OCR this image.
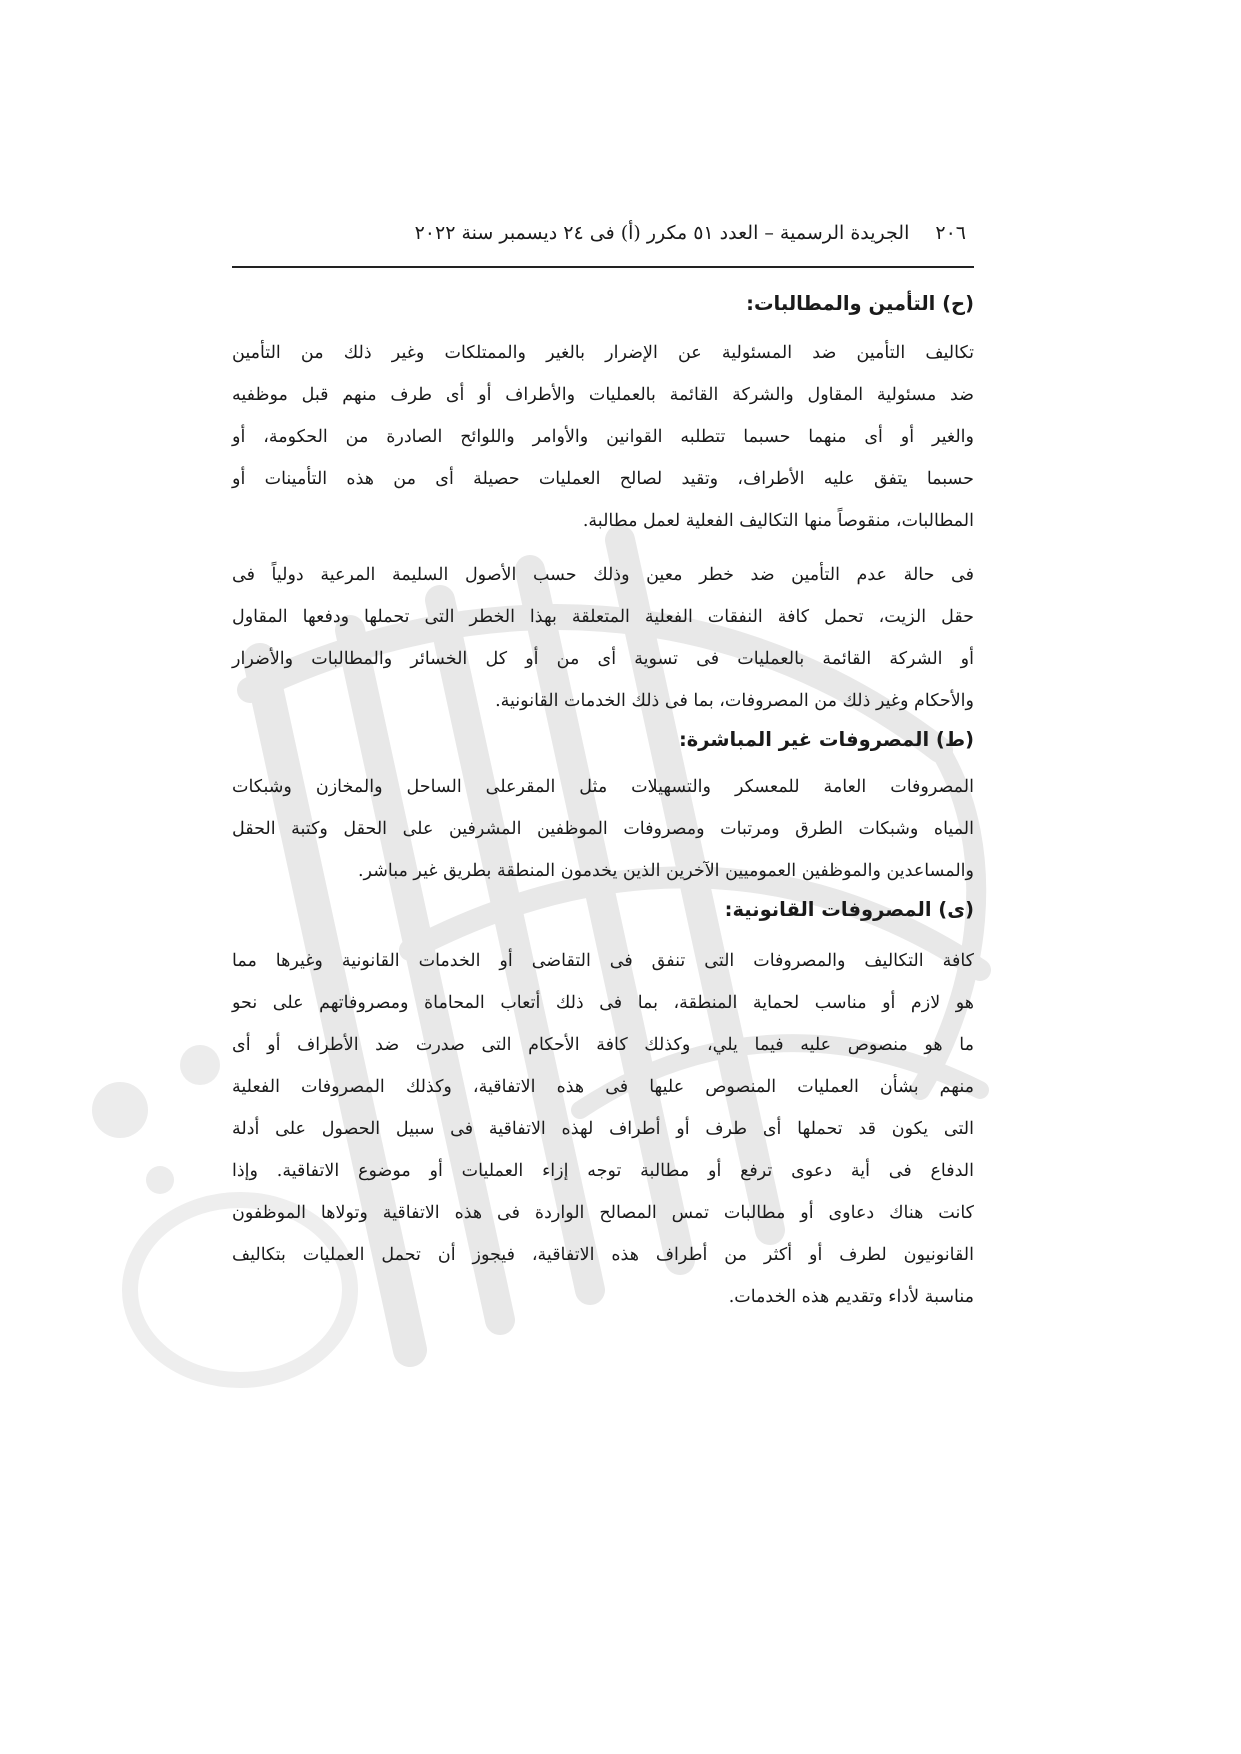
٢٠٦
الجريدة الرسمية – العدد ٥١ مكرر (أ) فى ٢٤ ديسمبر سنة ٢٠٢٢
(ح) التأمين والمطالبات:
تكاليف التأمين ضد المسئولية عن الإضرار بالغير والممتلكات وغير ذلك من التأمين
ضد مسئولية المقاول والشركة القائمة بالعمليات والأطراف أو أى طرف منهم قبل موظفيه
والغير أو أى منهما حسبما تتطلبه القوانين والأوامر واللوائح الصادرة من الحكومة، أو
حسبما يتفق عليه الأطراف، وتقيد لصالح العمليات حصيلة أى من هذه التأمينات أو
المطالبات، منقوصاً منها التكاليف الفعلية لعمل مطالبة.
فى حالة عدم التأمين ضد خطر معين وذلك حسب الأصول السليمة المرعية دولياً فى
حقل الزيت، تحمل كافة النفقات الفعلية المتعلقة بهذا الخطر التى تحملها ودفعها المقاول
أو الشركة القائمة بالعمليات فى تسوية أى من أو كل الخسائر والمطالبات والأضرار
والأحكام وغير ذلك من المصروفات، بما فى ذلك الخدمات القانونية.
(ط) المصروفات غير المباشرة:
المصروفات العامة للمعسكر والتسهيلات مثل المقرعلى الساحل والمخازن وشبكات
المياه وشبكات الطرق ومرتبات ومصروفات الموظفين المشرفين على الحقل وكتبة الحقل
والمساعدين والموظفين العموميين الآخرين الذين يخدمون المنطقة بطريق غير مباشر.
(ى) المصروفات القانونية:
كافة التكاليف والمصروفات التى تنفق فى التقاضى أو الخدمات القانونية وغيرها مما
هو لازم أو مناسب لحماية المنطقة، بما فى ذلك أتعاب المحاماة ومصروفاتهم على نحو
ما هو منصوص عليه فيما يلي، وكذلك كافة الأحكام التى صدرت ضد الأطراف أو أى
منهم بشأن العمليات المنصوص عليها فى هذه الاتفاقية، وكذلك المصروفات الفعلية
التى يكون قد تحملها أى طرف أو أطراف لهذه الاتفاقية فى سبيل الحصول على أدلة
الدفاع فى أية دعوى ترفع أو مطالبة توجه إزاء العمليات أو موضوع الاتفاقية. وإذا
كانت هناك دعاوى أو مطالبات تمس المصالح الواردة فى هذه الاتفاقية وتولاها الموظفون
القانونيون لطرف أو أكثر من أطراف هذه الاتفاقية، فيجوز أن تحمل العمليات بتكاليف
مناسبة لأداء وتقديم هذه الخدمات.
